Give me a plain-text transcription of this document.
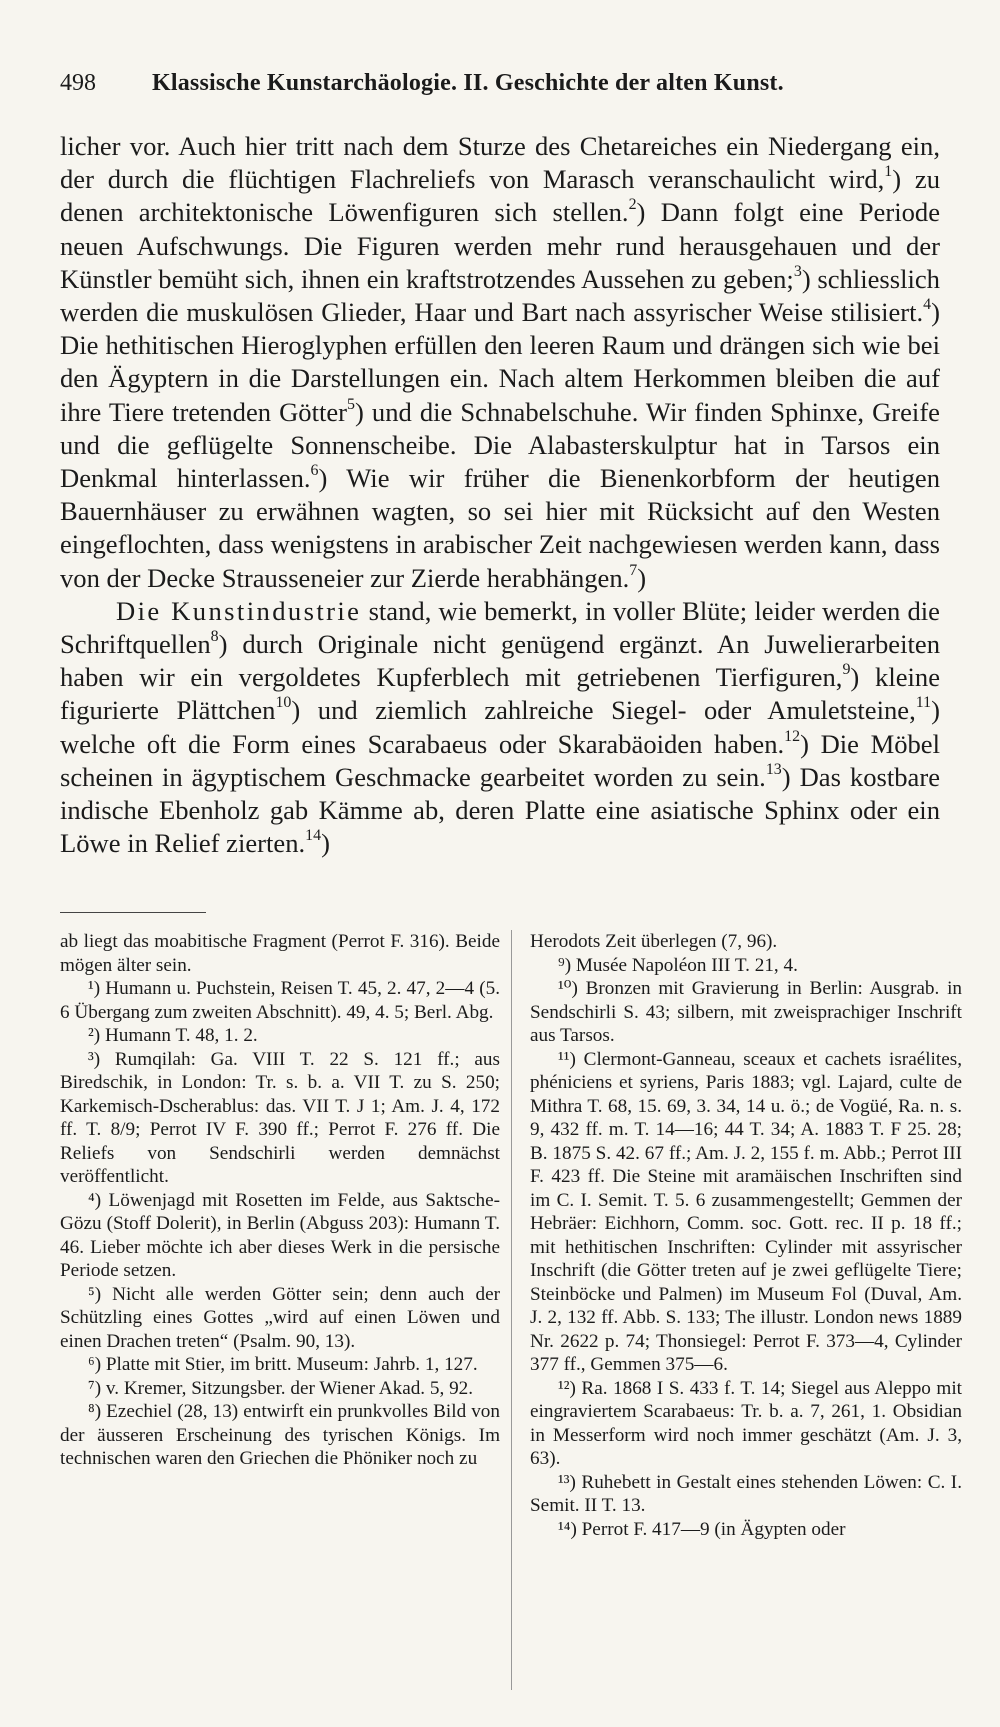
498 Klassische Kunstarchäologie. II. Geschichte der alten Kunst.

licher vor. Auch hier tritt nach dem Sturze des Chetareiches ein Niedergang ein, der durch die flüchtigen Flachreliefs von Marasch veranschaulicht wird,$^1$) zu denen architektonische Löwenfiguren sich stellen.$^2$) Dann folgt eine Periode neuen Aufschwungs. Die Figuren werden mehr rund herausgehauen und der Künstler bemüht sich, ihnen ein kraftstrotzendes Aussehen zu geben;$^3$) schliesslich werden die muskulösen Glieder, Haar und Bart nach assyrischer Weise stilisiert.$^4$) Die hethitischen Hieroglyphen erfüllen den leeren Raum und drängen sich wie bei den Ägyptern in die Darstellungen ein. Nach altem Herkommen bleiben die auf ihre Tiere tretenden Götter$^5$) und die Schnabelschuhe. Wir finden Sphinxe, Greife und die geflügelte Sonnenscheibe. Die Alabasterskulptur hat in Tarsos ein Denkmal hinterlassen.$^6$) Wie wir früher die Bienenkorbform der heutigen Bauernhäuser zu erwähnen wagten, so sei hier mit Rücksicht auf den Westen eingeflochten, dass wenigstens in arabischer Zeit nachgewiesen werden kann, dass von der Decke Straussenеier zur Zierde herabhängen.$^7$)

Die Kunstindustrie stand, wie bemerkt, in voller Blüte; leider werden die Schriftquellen$^8$) durch Originale nicht genügend ergänzt. An Juwelierarbeiten haben wir ein vergoldetes Kupferblech mit getriebenen Tierfiguren,$^9$) kleine figurierte Plättchen$^{10}$) und ziemlich zahlreiche Siegel- oder Amuletsteine,$^{11}$) welche oft die Form eines Scarabaeus oder Skarabäoiden haben.$^{12}$) Die Möbel scheinen in ägyptischem Geschmacke gearbeitet worden zu sein.$^{13}$) Das kostbare indische Ebenholz gab Kämme ab, deren Platte eine asiatische Sphinx oder ein Löwe in Relief zierten.$^{14}$)

ab liegt das moabitische Fragment (Perrot F. 316). Beide mögen älter sein.

¹) Humann u. Puchstein, Reisen T. 45, 2. 47, 2—4 (5. 6 Übergang zum zweiten Abschnitt). 49, 4. 5; Berl. Abg.

²) Humann T. 48, 1. 2.

³) Rumqilah: Ga. VIII T. 22 S. 121 ff.; aus Biredschik, in London: Tr. s. b. a. VII T. zu S. 250; Karkemisch-Dscherablus: das. VII T. J 1; Am. J. 4, 172 ff. T. 8/9; Perrot IV F. 390 ff.; Perrot F. 276 ff. Die Reliefs von Sendschirli werden demnächst veröffentlicht.

⁴) Löwenjagd mit Rosetten im Felde, aus Saktsche-Gözu (Stoff Dolerit), in Berlin (Abguss 203): Humann T. 46. Lieber möchte ich aber dieses Werk in die persische Periode setzen.

⁵) Nicht alle werden Götter sein; denn auch der Schützling eines Gottes „wird auf einen Löwen und einen Drachen treten“ (Psalm. 90, 13).

⁶) Platte mit Stier, im britt. Museum: Jahrb. 1, 127.

⁷) v. Kremer, Sitzungsber. der Wiener Akad. 5, 92.

⁸) Ezechiel (28, 13) entwirft ein prunkvolles Bild von der äusseren Erscheinung des tyrischen Königs. Im technischen waren den Griechen die Phöniker noch zu

Herodots Zeit überlegen (7, 96).

⁹) Musée Napoléon III T. 21, 4.

¹⁰) Bronzen mit Gravierung in Berlin: Ausgrab. in Sendschirli S. 43; silbern, mit zweisprachiger Inschrift aus Tarsos.

¹¹) Clermont-Ganneau, sceaux et cachets israélites, phéniciens et syriens, Paris 1883; vgl. Lajard, culte de Mithra T. 68, 15. 69, 3. 34, 14 u. ö.; de Vogüé, Ra. n. s. 9, 432 ff. m. T. 14—16; 44 T. 34; A. 1883 T. F 25. 28; B. 1875 S. 42. 67 ff.; Am. J. 2, 155 f. m. Abb.; Perrot III F. 423 ff. Die Steine mit aramäischen Inschriften sind im C. I. Semit. T. 5. 6 zusammengestellt; Gemmen der Hebräer: Eichhorn, Comm. soc. Gott. rec. II p. 18 ff.; mit hethitischen Inschriften: Cylinder mit assyrischer Inschrift (die Götter treten auf je zwei geflügelte Tiere; Steinböcke und Palmen) im Museum Fol (Duval, Am. J. 2, 132 ff. Abb. S. 133; The illustr. London news 1889 Nr. 2622 p. 74; Thonsiegel: Perrot F. 373—4, Cylinder 377 ff., Gemmen 375—6.

¹²) Ra. 1868 I S. 433 f. T. 14; Siegel aus Aleppo mit eingraviertem Scarabaeus: Tr. b. a. 7, 261, 1. Obsidian in Messerform wird noch immer geschätzt (Am. J. 3, 63).

¹³) Ruhebett in Gestalt eines stehenden Löwen: C. I. Semit. II T. 13.

¹⁴) Perrot F. 417—9 (in Ägypten oder
